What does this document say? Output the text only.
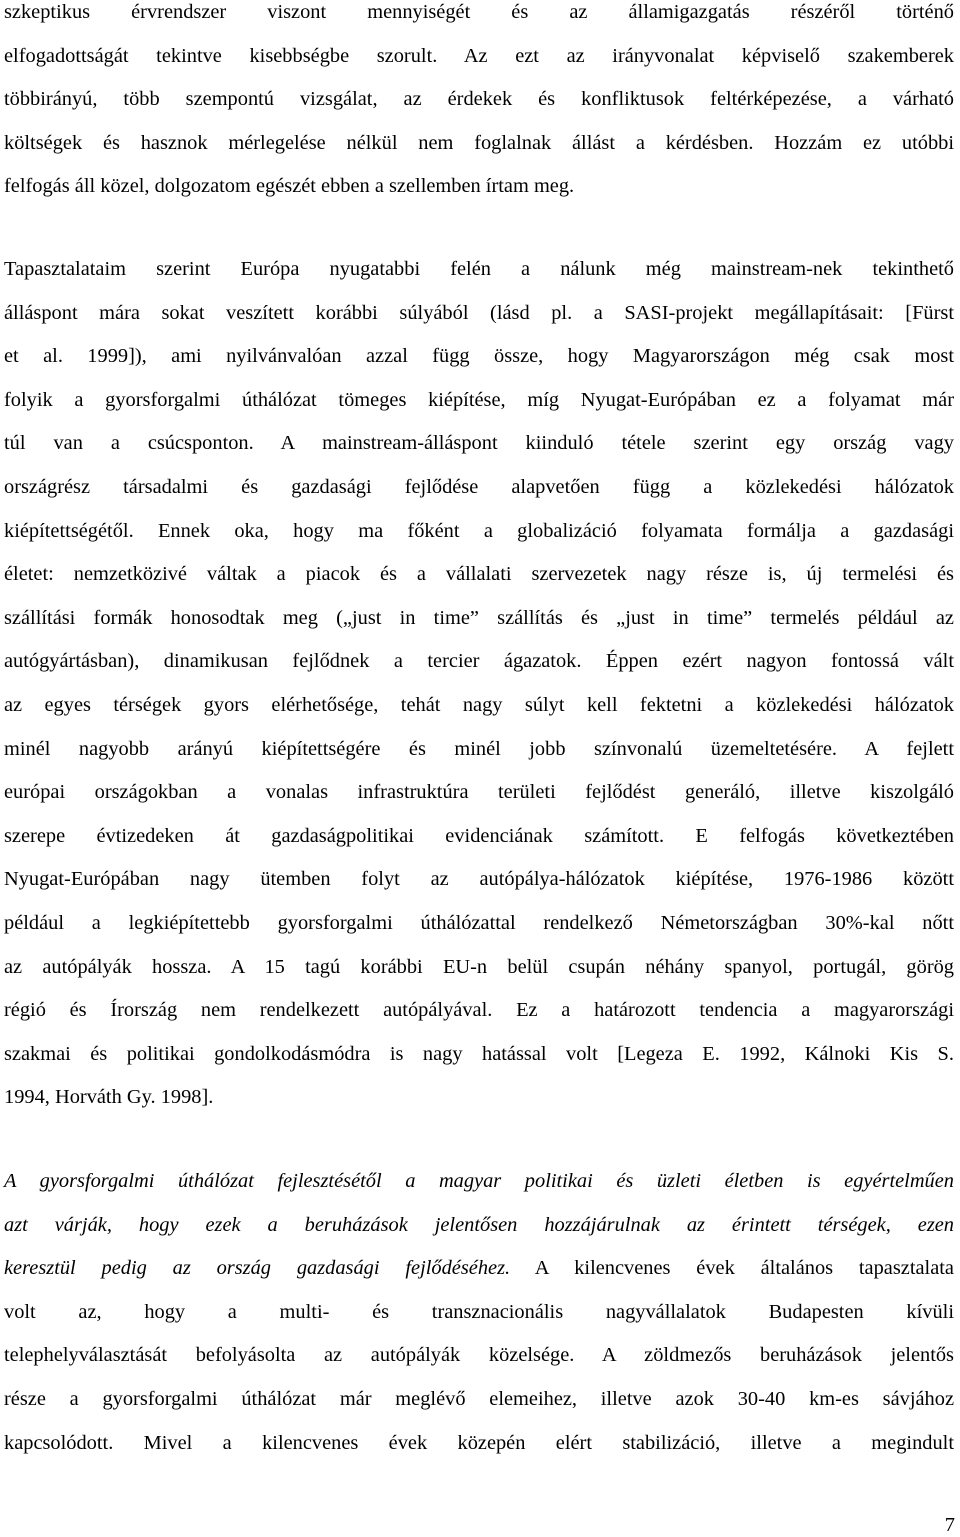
szkeptikus érvrendszer viszont mennyiségét és az államigazgatás részéről történő
elfogadottságát tekintve kisebbségbe szorult. Az ezt az irányvonalat képviselő szakemberek
többirányú, több szempontú vizsgálat, az érdekek és konfliktusok feltérképezése, a várható
költségek és hasznok mérlegelése nélkül nem foglalnak állást a kérdésben. Hozzám ez utóbbi
felfogás áll közel, dolgozatom egészét ebben a szellemben írtam meg.
Tapasztalataim szerint Európa nyugatabbi felén a nálunk még mainstream-nek tekinthető
álláspont mára sokat veszített korábbi súlyából (lásd pl. a SASI-projekt megállapításait: [Fürst
et al. 1999]), ami nyilvánvalóan azzal függ össze, hogy Magyarországon még csak most
folyik a gyorsforgalmi úthálózat tömeges kiépítése, míg Nyugat-Európában ez a folyamat már
túl van a csúcsponton. A mainstream-álláspont kiinduló tétele szerint egy ország vagy
országrész társadalmi és gazdasági fejlődése alapvetően függ a közlekedési hálózatok
kiépítettségétől. Ennek oka, hogy ma főként a globalizáció folyamata formálja a gazdasági
életet: nemzetközivé váltak a piacok és a vállalati szervezetek nagy része is, új termelési és
szállítási formák honosodtak meg („just in time” szállítás és „just in time” termelés például az
autógyártásban), dinamikusan fejlődnek a tercier ágazatok. Éppen ezért nagyon fontossá vált
az egyes térségek gyors elérhetősége, tehát nagy súlyt kell fektetni a közlekedési hálózatok
minél nagyobb arányú kiépítettségére és minél jobb színvonalú üzemeltetésére. A fejlett
európai országokban a vonalas infrastruktúra területi fejlődést generáló, illetve kiszolgáló
szerepe évtizedeken át gazdaságpolitikai evidenciának számított. E felfogás következtében
Nyugat-Európában nagy ütemben folyt az autópálya-hálózatok kiépítése, 1976-1986 között
például a legkiépítettebb gyorsforgalmi úthálózattal rendelkező Németországban 30%-kal nőtt
az autópályák hossza. A 15 tagú korábbi EU-n belül csupán néhány spanyol, portugál, görög
régió és Írország nem rendelkezett autópályával. Ez a határozott tendencia a magyarországi
szakmai és politikai gondolkodásmódra is nagy hatással volt [Legeza E. 1992, Kálnoki Kis S.
1994, Horváth Gy. 1998].
A gyorsforgalmi úthálózat fejlesztésétől a magyar politikai és üzleti életben is egyértelműen
azt várják, hogy ezek a beruházások jelentősen hozzájárulnak az érintett térségek, ezen
keresztül pedig az ország gazdasági fejlődéséhez. A kilencvenes évek általános tapasztalata
volt az, hogy a multi- és transznacionális nagyvállalatok Budapesten kívüli
telephelyválasztását befolyásolta az autópályák közelsége. A zöldmezős beruházások jelentős
része a gyorsforgalmi úthálózat már meglévő elemeihez, illetve azok 30-40 km-es sávjához
kapcsolódott. Mivel a kilencvenes évek közepén elért stabilizáció, illetve a megindult
7
